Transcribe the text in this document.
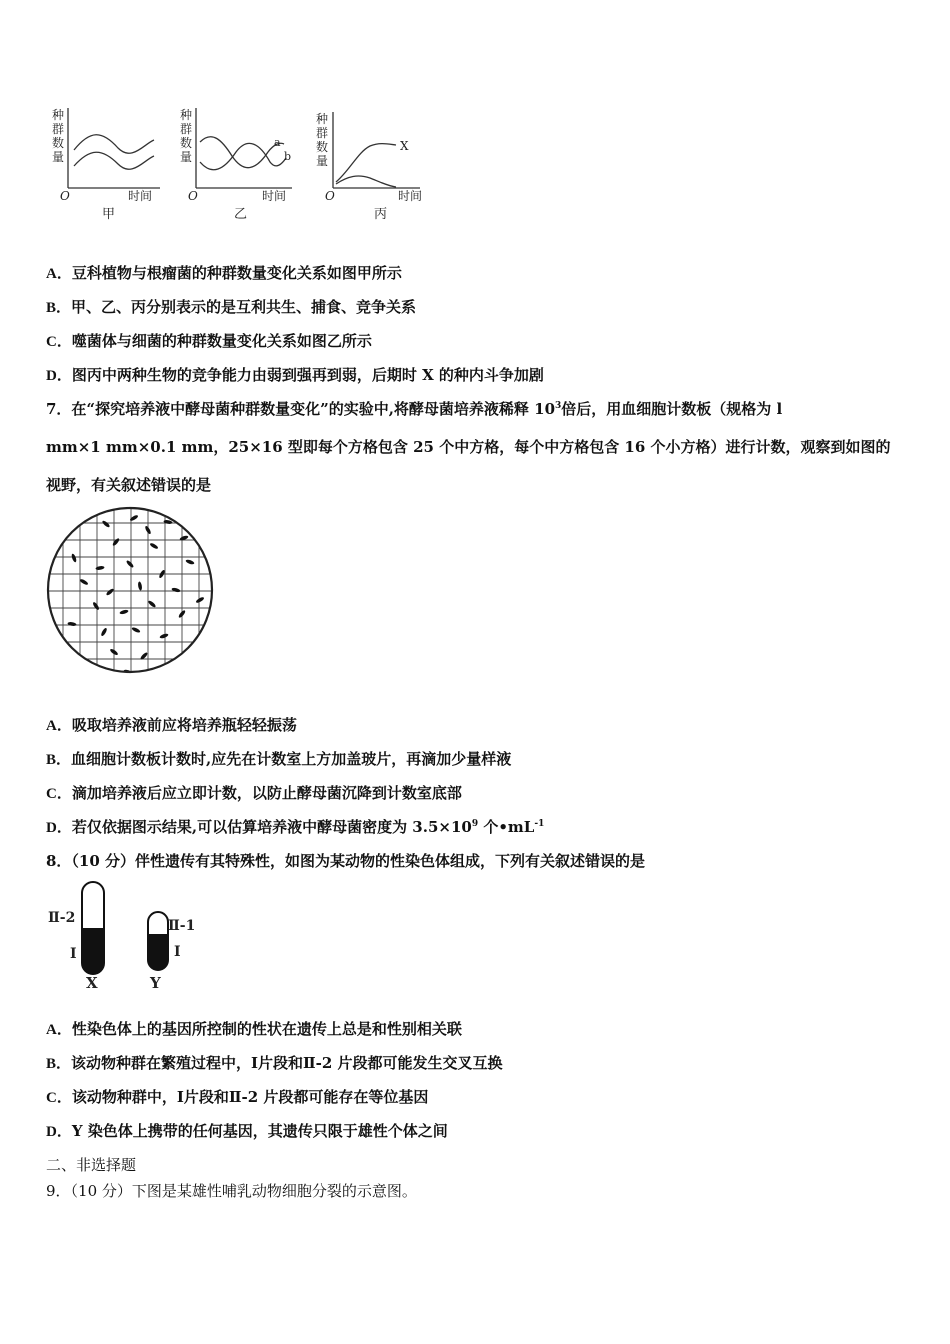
种
群
数
量
O	时间
甲
种
群
数
量
a
b
O	时间
乙
种
群
数
量
X
O	时间
丙
A．豆科植物与根瘤菌的种群数量变化关系如图甲所示
B．甲、乙、丙分别表示的是互利共生、捕食、竞争关系
C．噬菌体与细菌的种群数量变化关系如图乙所示
D．图丙中两种生物的竞争能力由弱到强再到弱，后期时 X 的种内斗争加剧
7．在“探究培养液中酵母菌种群数量变化”的实验中,将酵母菌培养液稀释 $10^3$倍后，用血细胞计数板（规格为 l
mm×1 mm×0.1 mm，25×16 型即每个方格包含 25 个中方格，每个中方格包含 16 个小方格）进行计数，观察到如图的
视野，有关叙述错误的是
A．吸取培养液前应将培养瓶轻轻振荡
B．血细胞计数板计数时,应先在计数室上方加盖玻片，再滴加少量样液
C．滴加培养液后应立即计数，以防止酵母菌沉降到计数室底部
D．若仅依据图示结果,可以估算培养液中酵母菌密度为 $3.5\times 10^9$ 个$•mL^{-1}$
8．（10 分）伴性遗传有其特殊性，如图为某动物的性染色体组成，下列有关叙述错误的是
Ⅱ-2
I
X
Ⅱ-1
I
Y
A．性染色体上的基因所控制的性状在遗传上总是和性别相关联
B．该动物种群在繁殖过程中，Ⅰ片段和Ⅱ-2 片段都可能发生交叉互换
C．该动物种群中，Ⅰ片段和Ⅱ-2 片段都可能存在等位基因
D．Y 染色体上携带的任何基因，其遗传只限于雄性个体之间
二、非选择题
9．（10 分）下图是某雄性哺乳动物细胞分裂的示意图。
